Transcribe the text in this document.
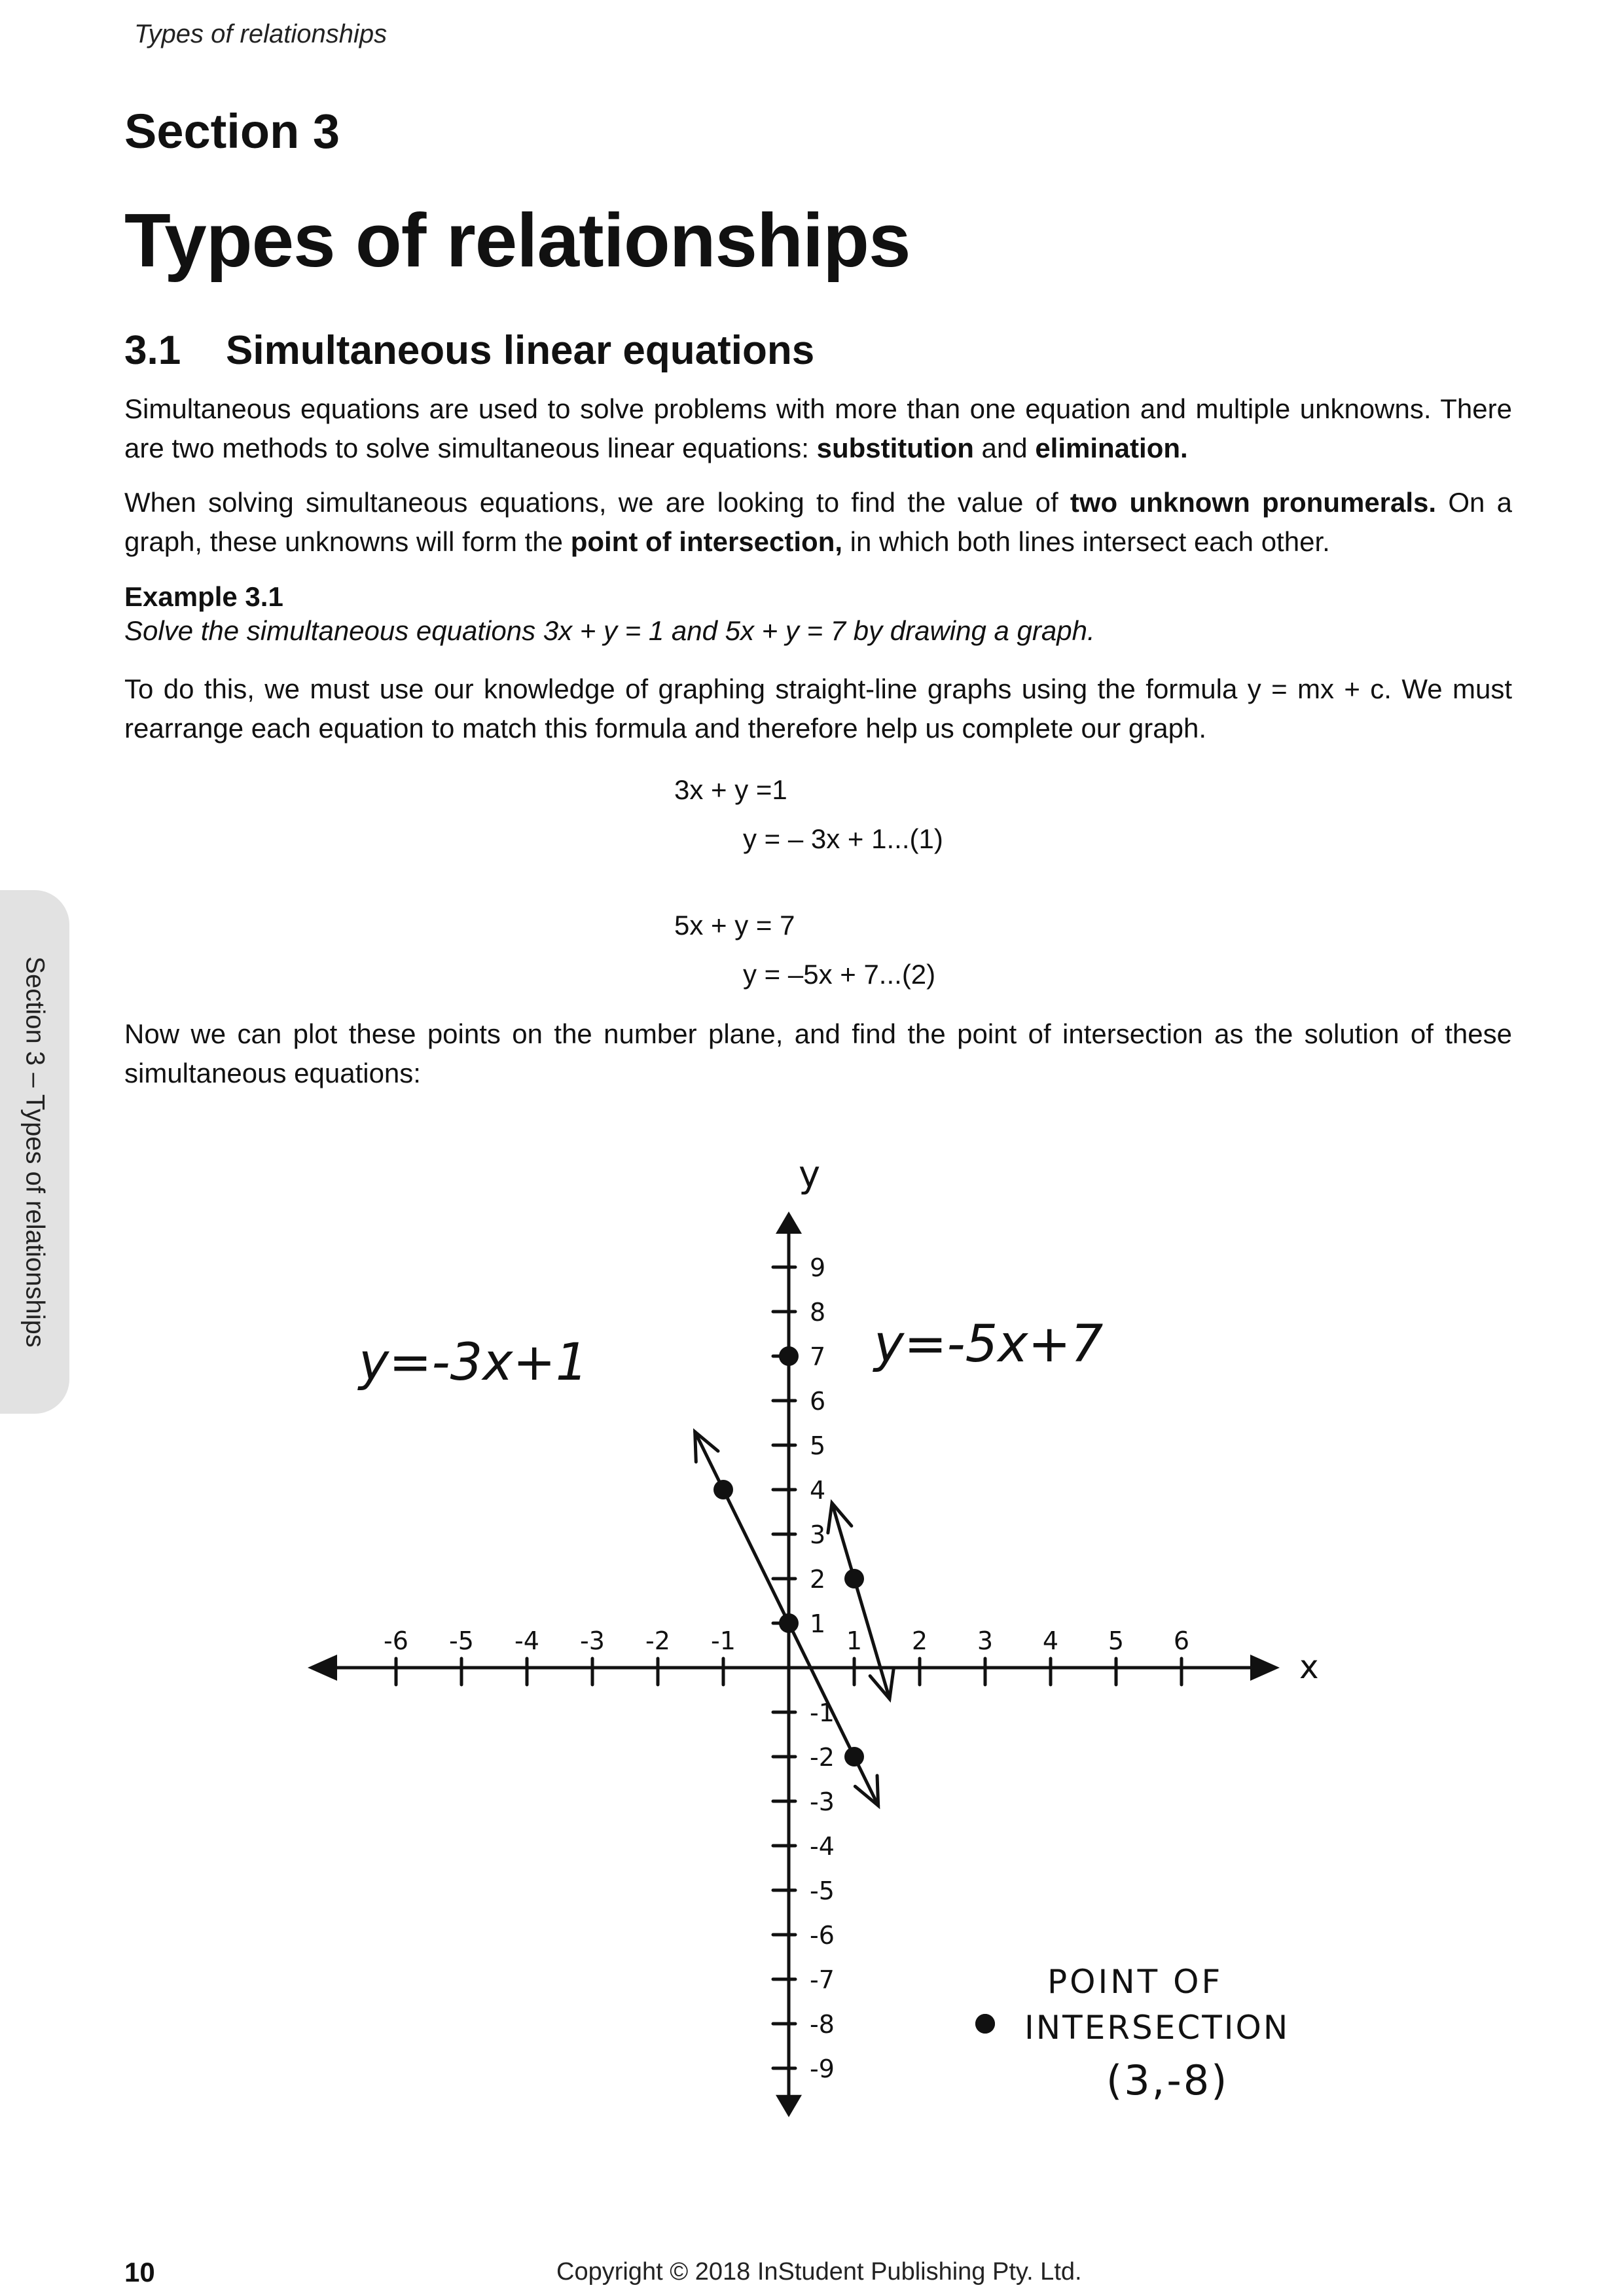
Types of relationships
Section 3
Types of relationships
3.1 Simultaneous linear equations
Simultaneous equations are used to solve problems with more than one equation and multiple unknowns. There are two methods to solve simultaneous linear equations: substitution and elimination.
When solving simultaneous equations, we are looking to find the value of two unknown pronumerals. On a graph, these unknowns will form the point of intersection, in which both lines intersect each other.
Example 3.1
Solve the simultaneous equations 3x + y = 1 and 5x + y = 7 by drawing a graph.
To do this, we must use our knowledge of graphing straight-line graphs using the formula y = mx + c. We must rearrange each equation to match this formula and therefore help us complete our graph.
3x + y =1
y = – 3x + 1...(1)
5x + y = 7
y = –5x + 7...(2)
Now we can plot these points on the number plane, and find the point of intersection as the solution of these simultaneous equations:
Section 3 – Types of relationships
x
y
-6 -5 -4 -3 -2 -1	1 2 3 4 5 6
9
8
7
6
5
4
3
2
1
-1
-2
-3
-4
-5
-6
-7
-8
-9
y=-3x+1	y=-5x+7
POINT OF
INTERSECTION
(3,-8)
10	Copyright © 2018 InStudent Publishing Pty. Ltd.
